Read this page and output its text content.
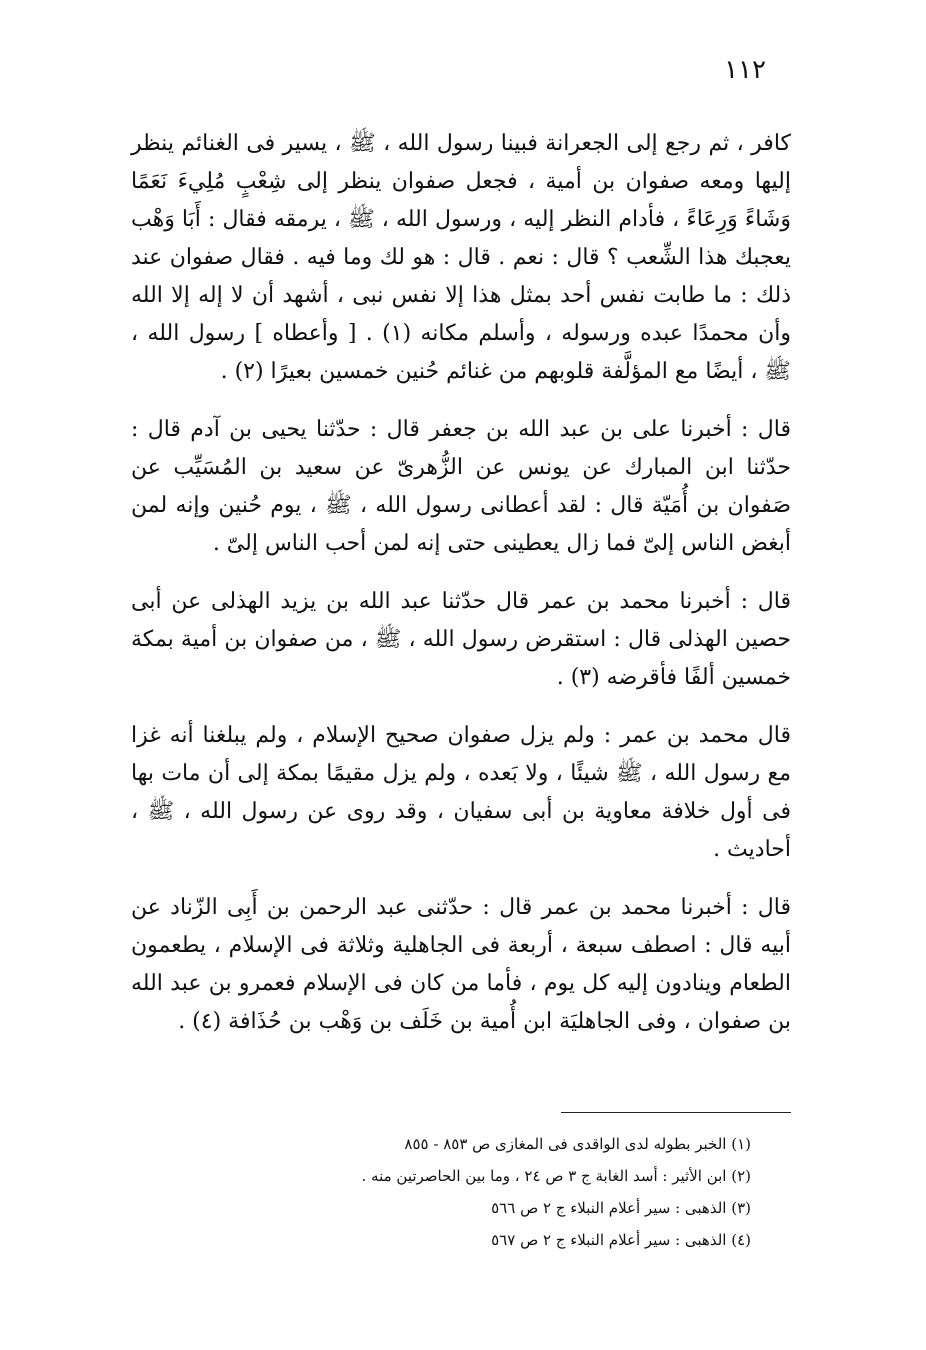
١١٢

كافر ، ثم رجع إلى الجعرانة فبينا رسول الله ، ﷺ ، يسير فى الغنائم ينظر إليها ومعه صفوان بن أمية ، فجعل صفوان ينظر إلى شِعْبٍ مُلِيءَ نَعَمًا وَشَاءً وَرِعَاءً ، فأدام النظر إليه ، ورسول الله ، ﷺ ، يرمقه فقال : أَبَا وَهْب يعجبك هذا الشِّعب ؟ قال : نعم . قال : هو لك وما فيه . فقال صفوان عند ذلك : ما طابت نفس أحد بمثل هذا إلا نفس نبى ، أشهد أن لا إله إلا الله وأن محمدًا عبده ورسوله ، وأسلم مكانه (١) . [ وأعطاه ] رسول الله ، ﷺ ، أيضًا مع المؤلَّفة قلوبهم من غنائم حُنين خمسين بعيرًا (٢) .

قال : أخبرنا على بن عبد الله بن جعفر قال : حدّثنا يحيى بن آدم قال : حدّثنا ابن المبارك عن يونس عن الزُّهرىّ عن سعيد بن المُسَيِّب عن صَفوان بن أُمَيّة قال : لقد أعطانى رسول الله ، ﷺ ، يوم حُنين وإنه لمن أبغض الناس إلىّ فما زال يعطينى حتى إنه لمن أحب الناس إلىّ .

قال : أخبرنا محمد بن عمر قال حدّثنا عبد الله بن يزيد الهذلى عن أبى حصين الهذلى قال : استقرض رسول الله ، ﷺ ، من صفوان بن أمية بمكة خمسين ألفًا فأقرضه (٣) .

قال محمد بن عمر : ولم يزل صفوان صحيح الإسلام ، ولم يبلغنا أنه غزا مع رسول الله ، ﷺ شيئًا ، ولا بَعده ، ولم يزل مقيمًا بمكة إلى أن مات بها فى أول خلافة معاوية بن أبى سفيان ، وقد روى عن رسول الله ، ﷺ ، أحاديث .

قال : أخبرنا محمد بن عمر قال : حدّثنى عبد الرحمن بن أَبِى الزّناد عن أبيه قال : اصطف سبعة ، أربعة فى الجاهلية وثلاثة فى الإسلام ، يطعمون الطعام وينادون إليه كل يوم ، فأما من كان فى الإسلام فعمرو بن عبد الله بن صفوان ، وفى الجاهليَة ابن أُمية بن خَلَف بن وَهْب بن حُذَافة (٤) .

(١) الخبر بطوله لدى الواقدى فى المغازى ص ٨٥٣ - ٨٥٥
(٢) ابن الأثير : أسد الغابة ج ٣ ص ٢٤ ، وما بين الحاصرتين منه .
(٣) الذهبى : سير أعلام النبلاء ج ٢ ص ٥٦٦
(٤) الذهبى : سير أعلام النبلاء ج ٢ ص ٥٦٧
